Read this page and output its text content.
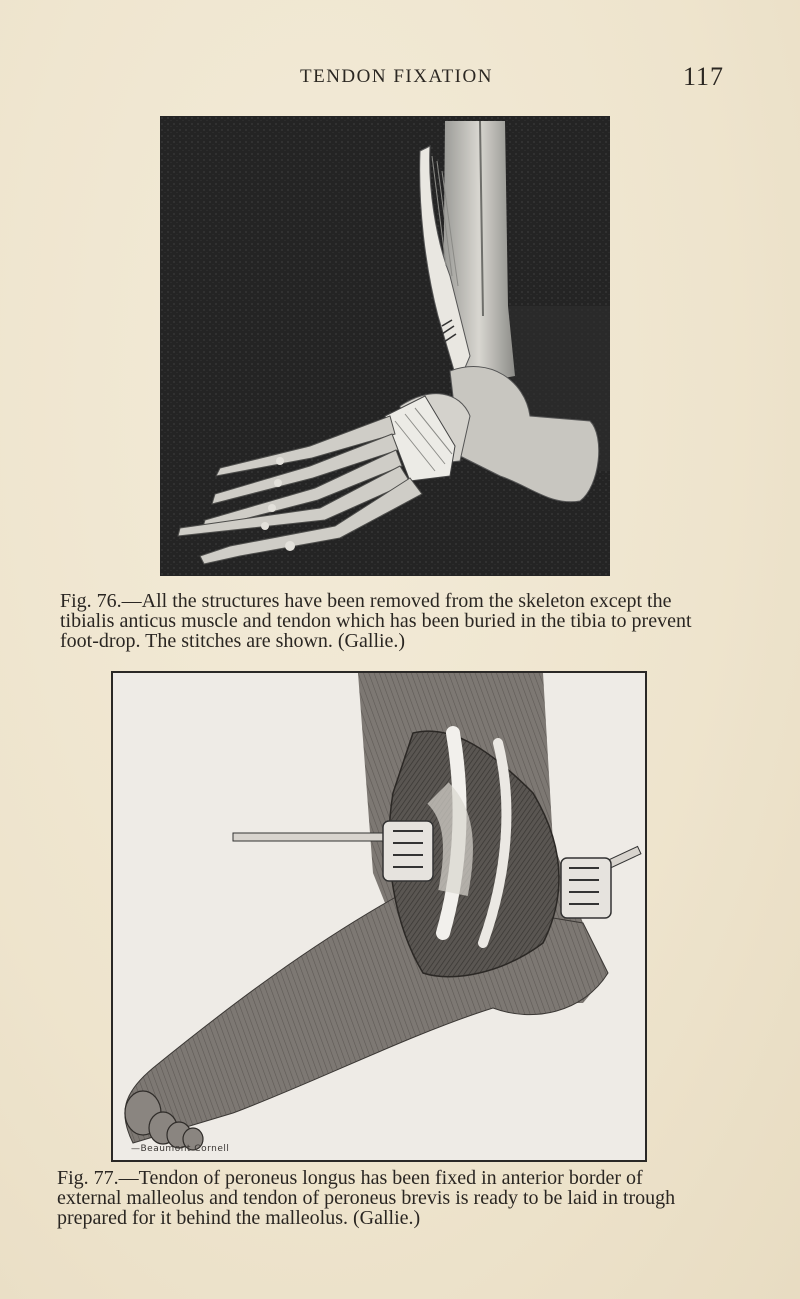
TENDON FIXATION	117
Fig. 76.—All the structures have been removed from the skeleton except the
tibialis anticus muscle and tendon which has been buried in the tibia to prevent
foot-drop. The stitches are shown. (Gallie.)
—Beaumont Cornell
Fig. 77.—Tendon of peroneus longus has been fixed in anterior border of
external malleolus and tendon of peroneus brevis is ready to be laid in trough
prepared for it behind the malleolus. (Gallie.)
